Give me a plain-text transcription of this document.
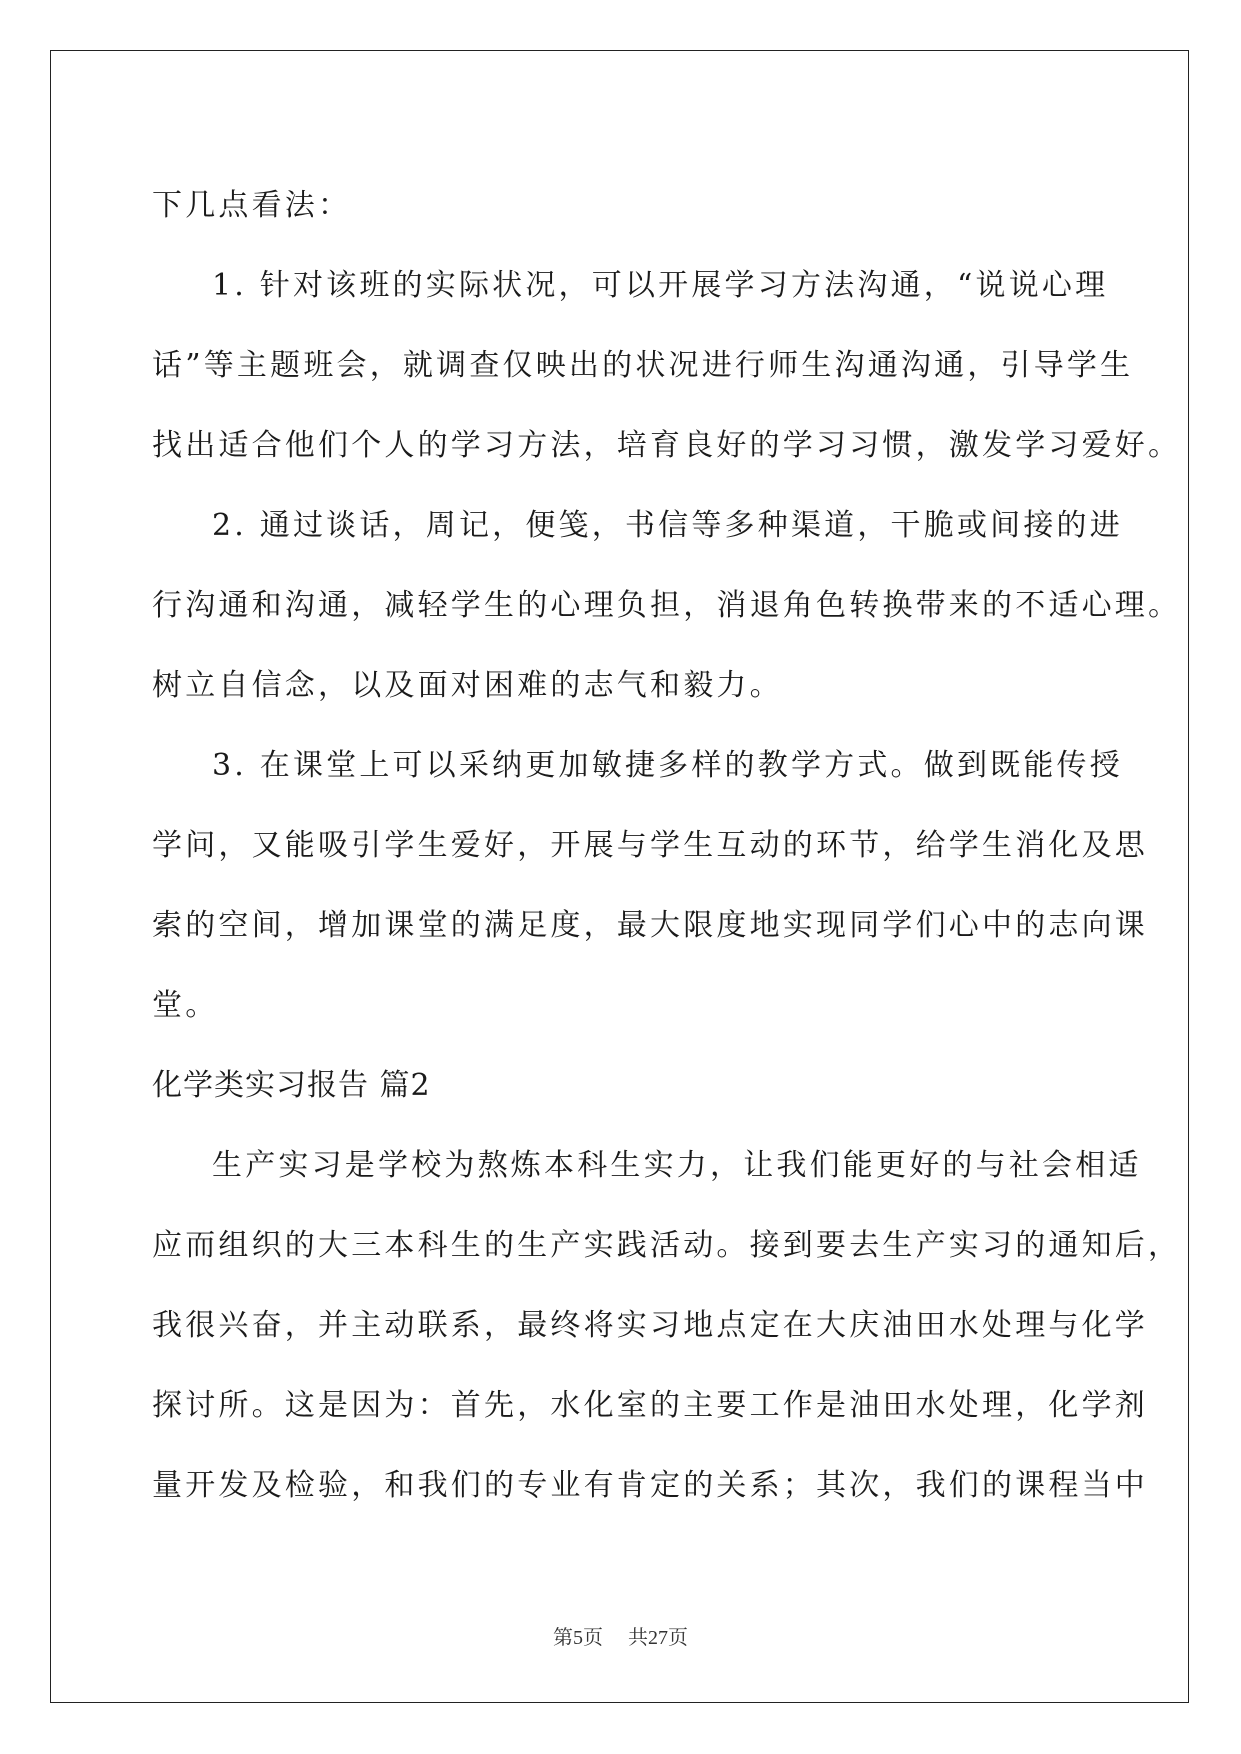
下几点看法：
1. 针对该班的实际状况，可以开展学习方法沟通，“说说心理
话”等主题班会，就调查仅映出的状况进行师生沟通沟通，引导学生
找出适合他们个人的学习方法，培育良好的学习习惯，激发学习爱好。
2. 通过谈话，周记，便笺，书信等多种渠道，干脆或间接的进
行沟通和沟通，减轻学生的心理负担，消退角色转换带来的不适心理。
树立自信念，以及面对困难的志气和毅力。
3. 在课堂上可以采纳更加敏捷多样的教学方式。做到既能传授
学问，又能吸引学生爱好，开展与学生互动的环节，给学生消化及思
索的空间，增加课堂的满足度，最大限度地实现同学们心中的志向课
堂。
化学类实习报告 篇2
生产实习是学校为熬炼本科生实力，让我们能更好的与社会相适
应而组织的大三本科生的生产实践活动。接到要去生产实习的通知后，
我很兴奋，并主动联系，最终将实习地点定在大庆油田水处理与化学
探讨所。这是因为：首先，水化室的主要工作是油田水处理，化学剂
量开发及检验，和我们的专业有肯定的关系；其次，我们的课程当中
第5页 共27页
